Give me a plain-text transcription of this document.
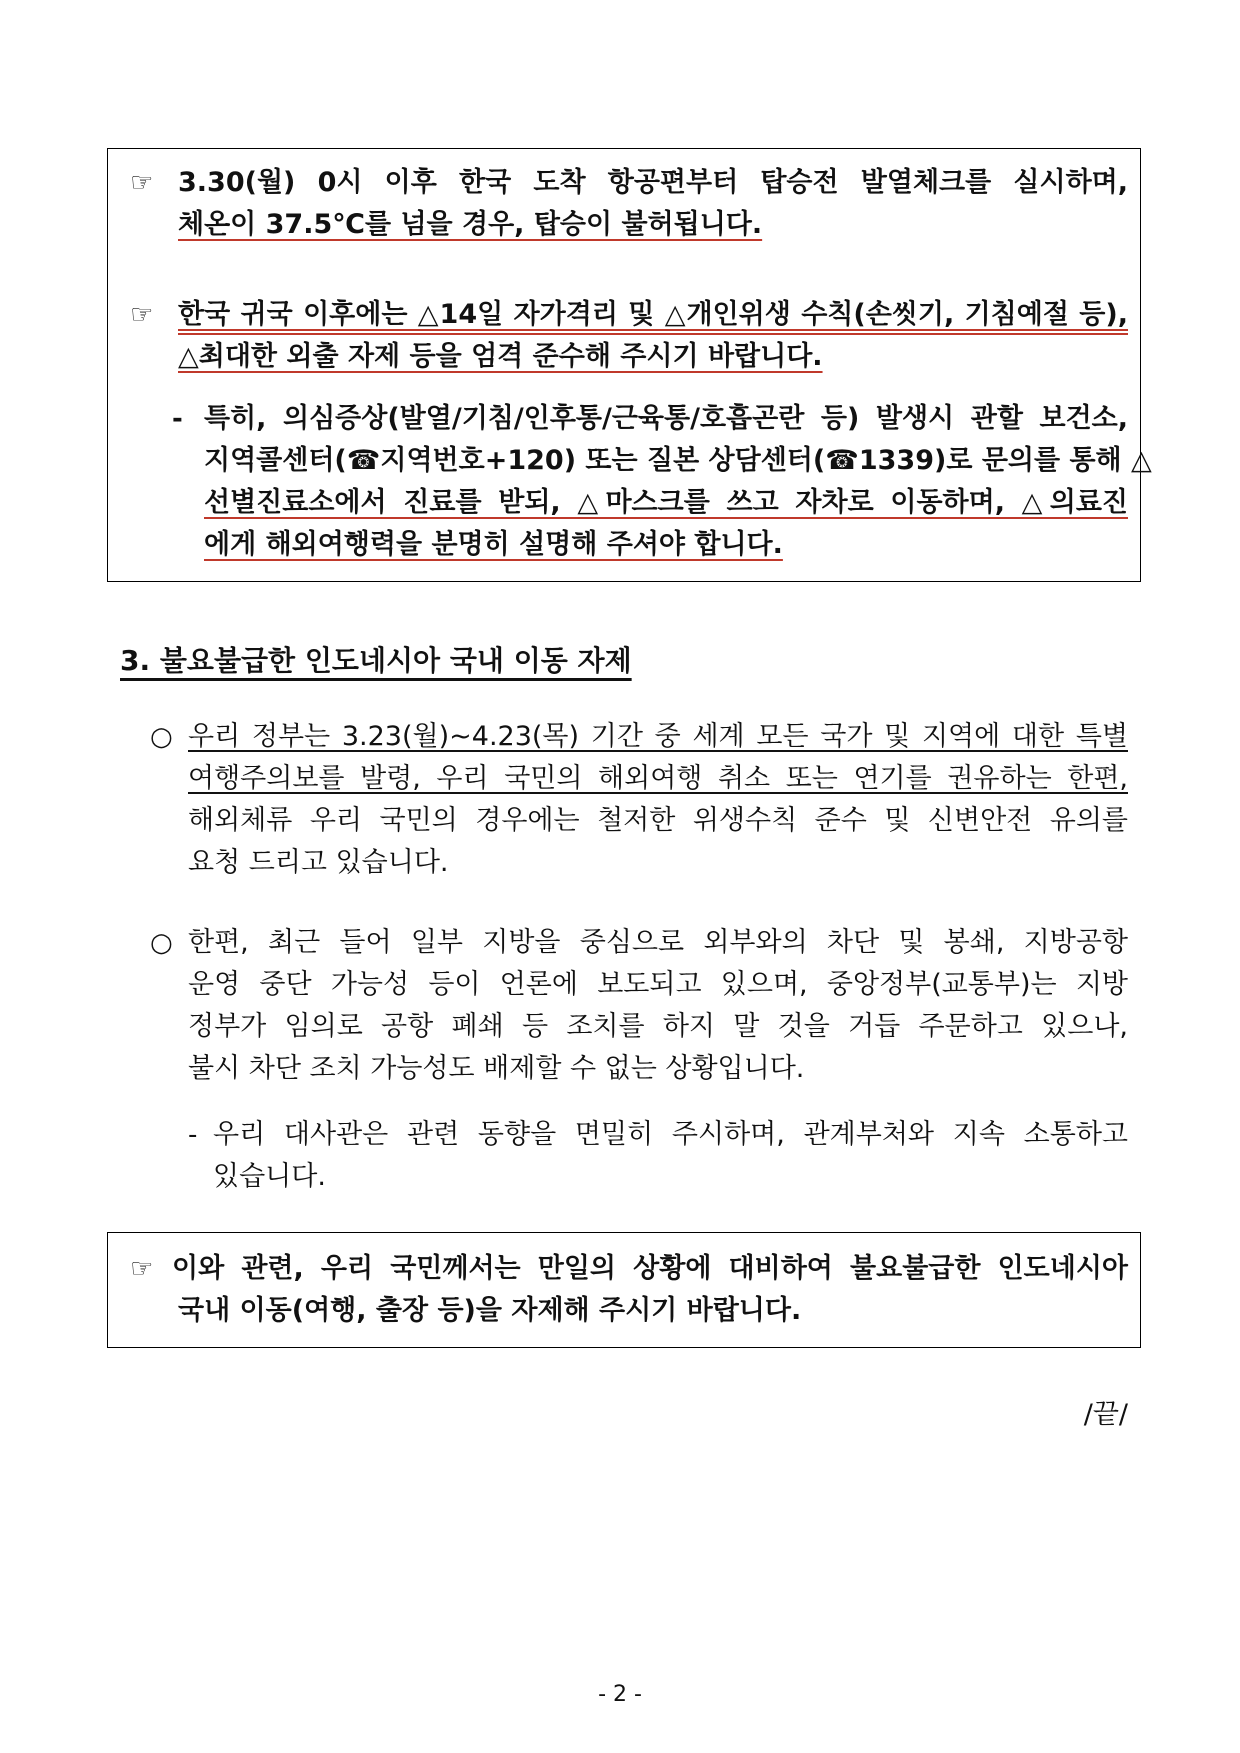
☞ 3.30(월) 0시 이후 한국 도착 항공편부터 탑승전 발열체크를 실시하며,
체온이 37.5℃를 넘을 경우, 탑승이 불허됩니다.
☞ 한국 귀국 이후에는 △14일 자가격리 및 △개인위생 수칙(손씻기, 기침예절 등),
△최대한 외출 자제 등을 엄격 준수해 주시기 바랍니다.
- 특히, 의심증상(발열/기침/인후통/근육통/호흡곤란 등) 발생시 관할 보건소,
지역콜센터(☎지역번호+120) 또는 질본 상담센터(☎1339)로 문의를 통해 △
선별진료소에서 진료를 받되, △마스크를 쓰고 자차로 이동하며, △의료진
에게 해외여행력을 분명히 설명해 주셔야 합니다.
3. 불요불급한 인도네시아 국내 이동 자제
○ 우리 정부는 3.23(월)~4.23(목) 기간 중 세계 모든 국가 및 지역에 대한 특별
여행주의보를 발령, 우리 국민의 해외여행 취소 또는 연기를 권유하는 한편,
해외체류 우리 국민의 경우에는 철저한 위생수칙 준수 및 신변안전 유의를
요청 드리고 있습니다.
○ 한편, 최근 들어 일부 지방을 중심으로 외부와의 차단 및 봉쇄, 지방공항
운영 중단 가능성 등이 언론에 보도되고 있으며, 중앙정부(교통부)는 지방
정부가 임의로 공항 폐쇄 등 조치를 하지 말 것을 거듭 주문하고 있으나,
불시 차단 조치 가능성도 배제할 수 없는 상황입니다.
- 우리 대사관은 관련 동향을 면밀히 주시하며, 관계부처와 지속 소통하고
있습니다.
☞ 이와 관련, 우리 국민께서는 만일의 상황에 대비하여 불요불급한 인도네시아
국내 이동(여행, 출장 등)을 자제해 주시기 바랍니다.
/끝/
- 2 -
